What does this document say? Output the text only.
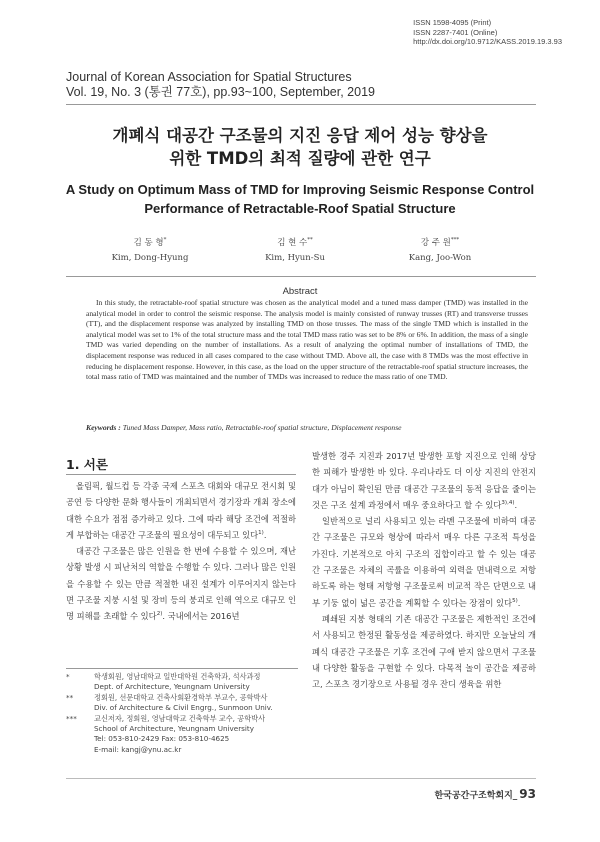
ISSN 1598-4095 (Print)
ISSN 2287-7401 (Online)
http://dx.doi.org/10.9712/KASS.2019.19.3.93
Journal of Korean Association for Spatial Structures
Vol. 19, No. 3 (통권 77호), pp.93~100, September, 2019
개폐식 대공간 구조물의 지진 응답 제어 성능 향상을
위한 TMD의 최적 질량에 관한 연구
A Study on Optimum Mass of TMD for Improving Seismic Response Control
Performance of Retractable-Roof Spatial Structure
김 동 형*
Kim, Dong-Hyung
김 현 수**
Kim, Hyun-Su
강 주 원***
Kang, Joo-Won
Abstract
In this study, the retractable-roof spatial structure was chosen as the analytical model and a tuned mass damper (TMD) was installed in the analytical model in order to control the seismic response. The analysis model is mainly consisted of runway trusses (RT) and transverse trusses (TT), and the displacement response was analyzed by installing TMD on those trusses. The mass of the single TMD which is installed in the analytical model was set to 1% of the total structure mass and the total TMD mass ratio was set to be 8% or 6%. In addition, the mass of a single TMD was varied depending on the number of installations. As a result of analyzing the optimal number of installations of TMD, the displacement response was reduced in all cases compared to the case without TMD. Above all, the case with 8 TMDs was the most effective in reducing he displacement response. However, in this case, as the load on the upper structure of the retractable-roof spatial structure increases, the total mass ratio of TMD was maintained and the number of TMDs was increased to reduce the mass ratio of one TMD.
Keywords : Tuned Mass Damper, Mass ratio, Retractable-roof spatial structure, Displacement response
1. 서론

올림픽, 월드컵 등 각종 국제 스포츠 대회와 대규모 전시회 및 공연 등 다양한 문화 행사들이 개최되면서 경기장과 개최 장소에 대한 수요가 점점 증가하고 있다. 그에 따라 해당 조건에 적절하게 부합하는 대공간 구조물의 필요성이 대두되고 있다$^{1)}$.

대공간 구조물은 많은 인원을 한 번에 수용할 수 있으며, 재난 상황 발생 시 피난처의 역할을 수행할 수 있다. 그러나 많은 인원을 수용할 수 있는 만큼 적절한 내진 설계가 이루어지지 않는다면 구조물 지붕 시설 및 장비 등의 붕괴로 인해 역으로 대규모 인명 피해를 초래할 수 있다$^{2)}$. 국내에서는 2016년

발생한 경주 지진과 2017년 발생한 포항 지진으로 인해 상당한 피해가 발생한 바 있다. 우리나라도 더 이상 지진의 안전지대가 아님이 확인된 만큼 대공간 구조물의 동적 응답을 줄이는 것은 구조 설계 과정에서 매우 중요하다고 할 수 있다$^{3),4)}$.

일반적으로 널리 사용되고 있는 라멘 구조물에 비하여 대공간 구조물은 규모와 형상에 따라서 매우 다른 구조적 특성을 가진다. 기본적으로 아치 구조의 집합이라고 할 수 있는 대공간 구조물은 자체의 곡률을 이용하여 외력을 면내력으로 저항하도록 하는 형태 저항형 구조물로써 비교적 작은 단면으로 내부 기둥 없이 넓은 공간을 계획할 수 있다는 장점이 있다$^{5)}$.

폐쇄된 지붕 형태의 기존 대공간 구조물은 제한적인 조건에서 사용되고 한정된 활동성을 제공하였다. 하지만 오늘날의 개폐식 대공간 구조물은 기후 조건에 구애 받지 않으면서 구조물 내 다양한 활동을 구현할 수 있다. 다목적 놀이 공간을 제공하고, 스포츠 경기장으로 사용될 경우 잔디 생육을 위한

*	학생회원, 영남대학교 일반대학원 건축학과, 석사과정
Dept. of Architecture, Yeungnam University
**	정회원, 선문대학교 건축사회환경학부 부교수, 공학박사
Div. of Architecture & Civil Engrg., Sunmoon Univ.
*** 교신저자, 정회원, 영남대학교 건축학부 교수, 공학박사
School of Architecture, Yeungnam University
Tel: 053-810-2429 Fax: 053-810-4625
E-mail: kangj@ynu.ac.kr
한국공간구조학회지_ 93
